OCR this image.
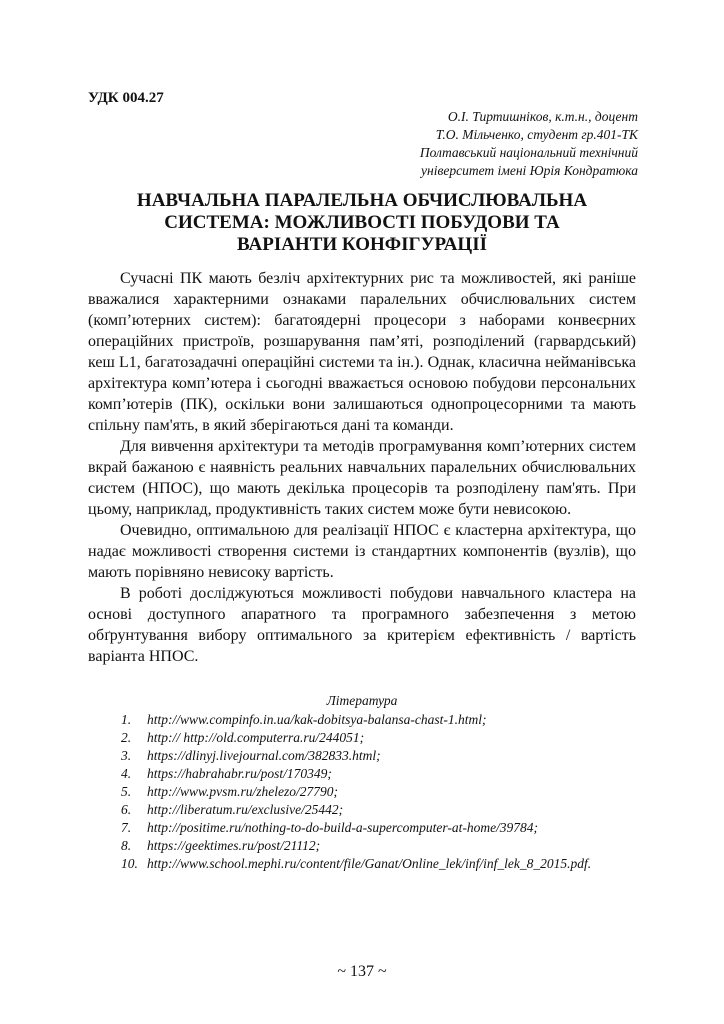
УДК 004.27
О.І. Тиртишніков, к.т.н., доцент
Т.О. Мільченко, студент гр.401-ТК
Полтавський національний технічний
університет імені Юрія Кондратюка
НАВЧАЛЬНА ПАРАЛЕЛЬНА ОБЧИСЛЮВАЛЬНА
СИСТЕМА: МОЖЛИВОСТІ ПОБУДОВИ ТА
ВАРІАНТИ КОНФІГУРАЦІЇ

Сучасні ПК мають безліч архітектурних рис та можливостей, які раніше вважалися характерними ознаками паралельних обчислювальних систем (комп’ютерних систем): багатоядерні процесори з наборами конвеєрних операційних пристроїв, розшарування пам’яті, розподілений (гарвардський) кеш L1, багатозадачні операційні системи та ін.). Однак, класична нейманівська архітектура комп’ютера і сьогодні вважається основою побудови персональних комп’ютерів (ПК), оскільки вони залишаються однопроцесорними та мають спільну пам'ять, в який зберігаються дані та команди.

Для вивчення архітектури та методів програмування комп’ютерних систем вкрай бажаною є наявність реальних навчальних паралельних обчислювальних систем (НПОС), що мають декілька процесорів та розподілену пам'ять. При цьому, наприклад, продуктивність таких систем може бути невисокою.

Очевидно, оптимальною для реалізації НПОС є кластерна архітектура, що надає можливості створення системи із стандартних компонентів (вузлів), що мають порівняно невисоку вартість.

В роботі досліджуються можливості побудови навчального кластера на основі доступного апаратного та програмного забезпечення з метою обґрунтування вибору оптимального за критерієм ефективність / вартість варіанта НПОС.

Література
1. http://www.compinfo.in.ua/kak-dobitsya-balansa-chast-1.html;
2. http:// http://old.computerra.ru/244051;
3. https://dlinyj.livejournal.com/382833.html;
4. https://habrahabr.ru/post/170349;
5. http://www.pvsm.ru/zhelezo/27790;
6. http://liberatum.ru/exclusive/25442;
7. http://positime.ru/nothing-to-do-build-a-supercomputer-at-home/39784;
8. https://geektimes.ru/post/21112;
10. http://www.school.mephi.ru/content/file/Ganat/Online_lek/inf/inf_lek_8_2015.pdf.
~ 137 ~
